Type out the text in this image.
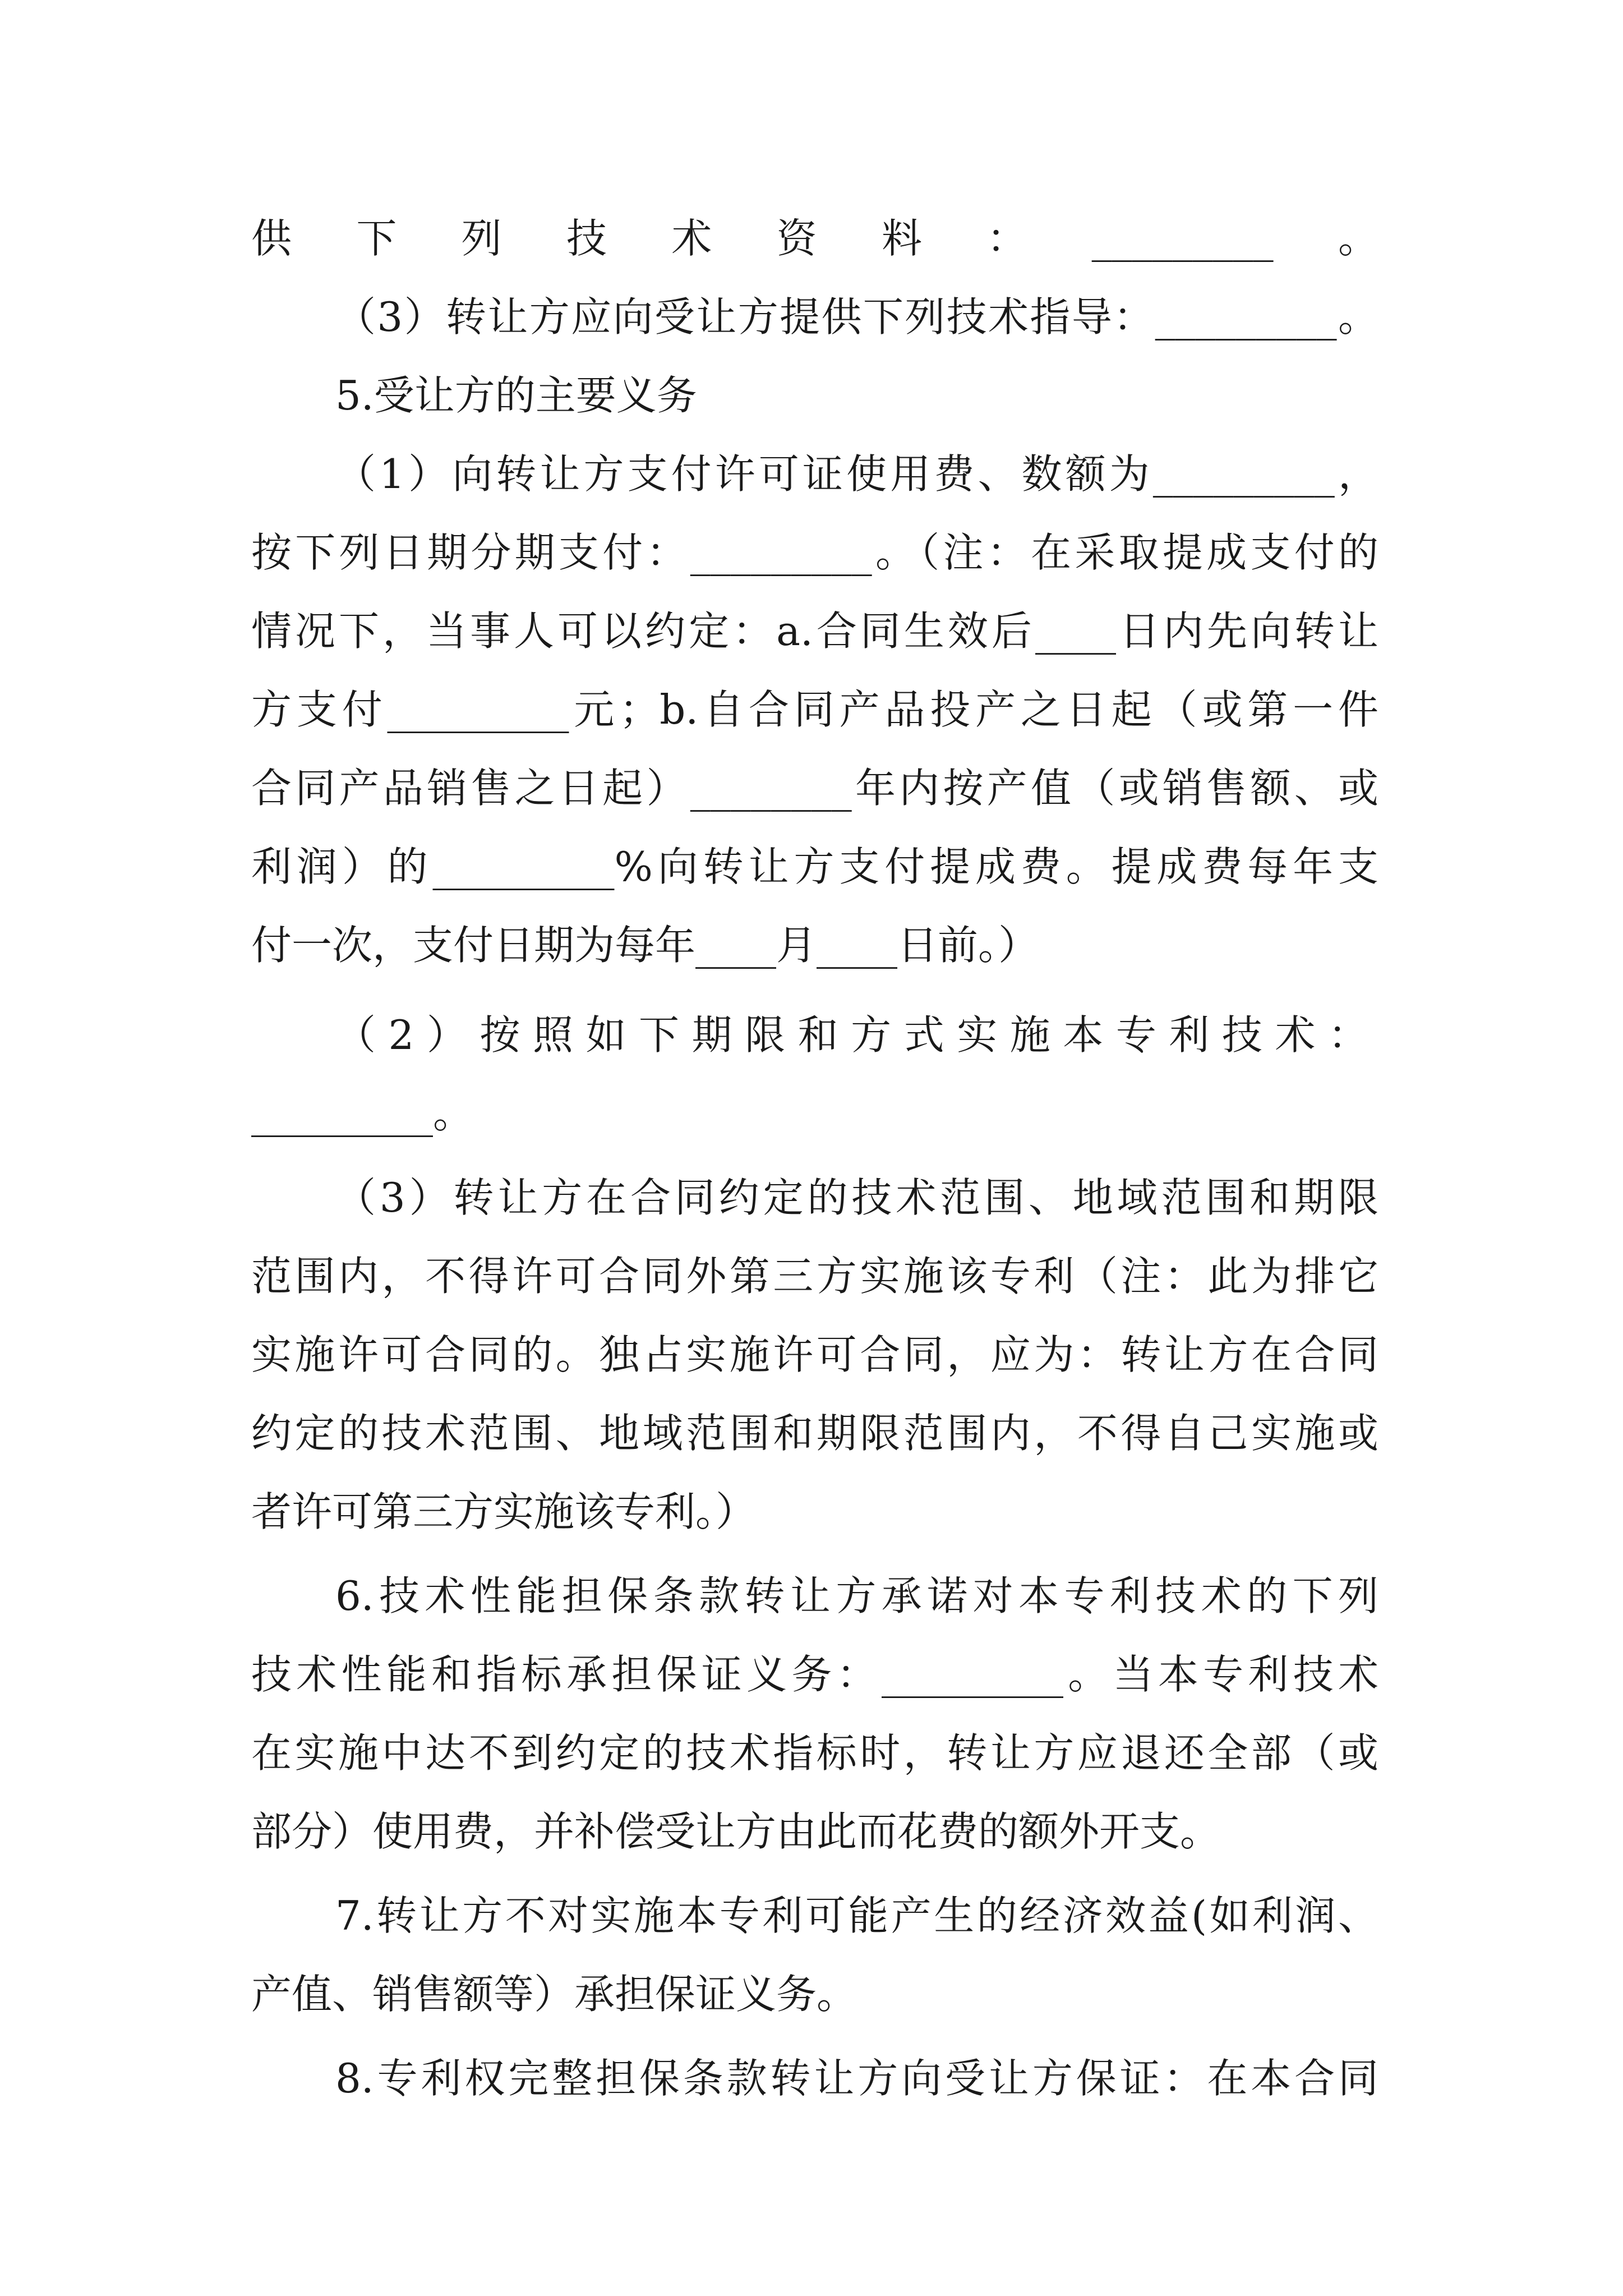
供下列技术资料：_________。
（3）转让方应向受让方提供下列技术指导：_________。
5.受让方的主要义务
（1）向转让方支付许可证使用费、数额为_________，
按下列日期分期支付：_________。（注：在采取提成支付的
情况下，当事人可以约定：a.合同生效后____日内先向转让
方支付_________元；b.自合同产品投产之日起（或第一件
合同产品销售之日起）________年内按产值（或销售额、或
利润）的_________%向转让方支付提成费。提成费每年支
付一次，支付日期为每年____月____日前。）
（2）按照如下期限和方式实施本专利技术：
_________。
（3）转让方在合同约定的技术范围、地域范围和期限
范围内，不得许可合同外第三方实施该专利（注：此为排它
实施许可合同的。独占实施许可合同，应为：转让方在合同
约定的技术范围、地域范围和期限范围内，不得自己实施或
者许可第三方实施该专利。）
6.技术性能担保条款转让方承诺对本专利技术的下列
技术性能和指标承担保证义务：_________。当本专利技术
在实施中达不到约定的技术指标时，转让方应退还全部（或
部分）使用费，并补偿受让方由此而花费的额外开支。
7.转让方不对实施本专利可能产生的经济效益(如利润、
产值、销售额等）承担保证义务。
8.专利权完整担保条款转让方向受让方保证：在本合同
